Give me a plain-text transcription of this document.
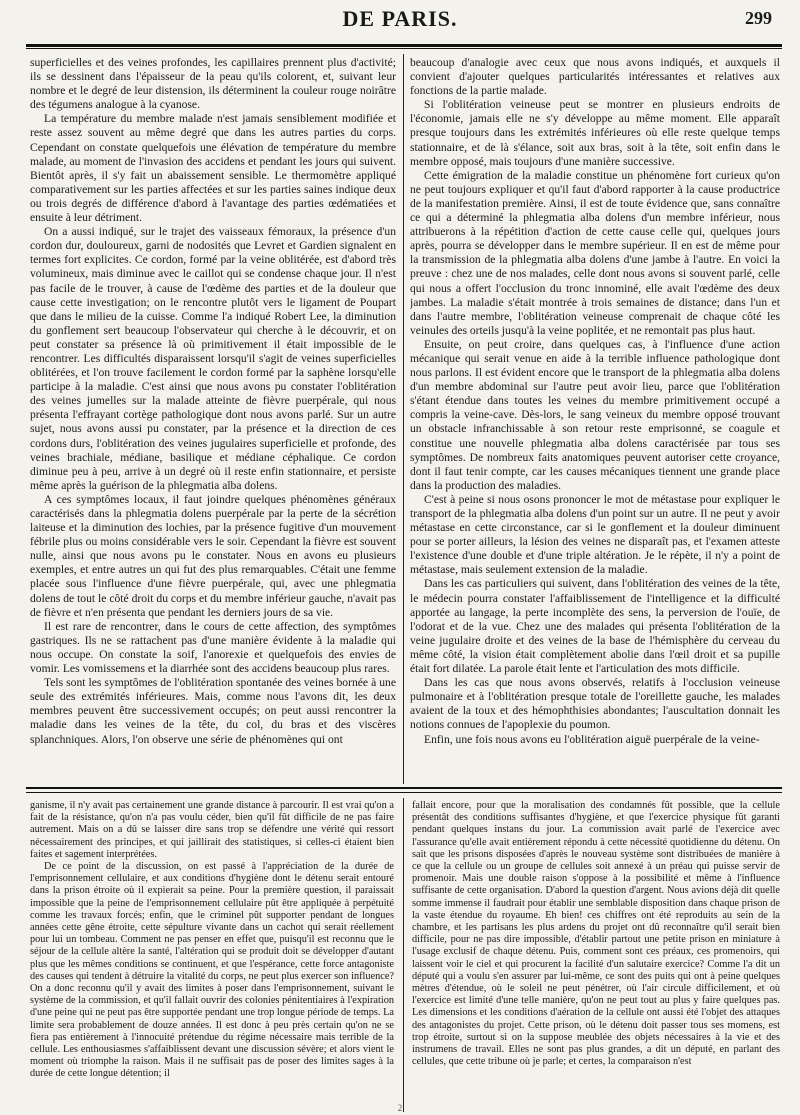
DE PARIS.	299

superficielles et des veines profondes, les capillaires prennent plus d'activité; ils se dessinent dans l'épaisseur de la peau qu'ils colorent, et, suivant leur nombre et le degré de leur distension, ils déterminent la couleur rouge noirâtre des tégumens analogue à la cyanose.

La température du membre malade n'est jamais sensiblement modifiée et reste assez souvent au même degré que dans les autres parties du corps. Cependant on constate quelquefois une élévation de température du membre malade, au moment de l'invasion des accidens et pendant les jours qui suivent. Bientôt après, il s'y fait un abaissement sensible. Le thermomètre appliqué comparativement sur les parties affectées et sur les parties saines indique deux ou trois degrés de différence d'abord à l'avantage des parties œdématiées et ensuite à leur détriment.

On a aussi indiqué, sur le trajet des vaisseaux fémoraux, la présence d'un cordon dur, douloureux, garni de nodosités que Levret et Gardien signalent en termes fort explicites. Ce cordon, formé par la veine oblitérée, est d'abord très volumineux, mais diminue avec le caillot qui se condense chaque jour. Il n'est pas facile de le trouver, à cause de l'œdème des parties et de la douleur que cause cette investigation; on le rencontre plutôt vers le ligament de Poupart que dans le milieu de la cuisse. Comme l'a indiqué Robert Lee, la diminution du gonflement sert beaucoup l'observateur qui cherche à le découvrir, et on peut constater sa présence là où primitivement il était impossible de le rencontrer. Les difficultés disparaissent lorsqu'il s'agit de veines superficielles oblitérées, et l'on trouve facilement le cordon formé par la saphène lorsqu'elle participe à la maladie. C'est ainsi que nous avons pu constater l'oblitération des veines jumelles sur la malade atteinte de fièvre puerpérale, qui nous présenta l'effrayant cortège pathologique dont nous avons parlé. Sur un autre sujet, nous avons aussi pu constater, par la présence et la direction de ces cordons durs, l'oblitération des veines jugulaires superficielle et profonde, des veines brachiale, médiane, basilique et médiane céphalique. Ce cordon diminue peu à peu, arrive à un degré où il reste enfin stationnaire, et persiste même après la guérison de la phlegmatia alba dolens.

A ces symptômes locaux, il faut joindre quelques phénomènes généraux caractérisés dans la phlegmatia dolens puerpérale par la perte de la sécrétion laiteuse et la diminution des lochies, par la présence fugitive d'un mouvement fébrile plus ou moins considérable vers le soir. Cependant la fièvre est souvent nulle, ainsi que nous avons pu le constater. Nous en avons eu plusieurs exemples, et entre autres un qui fut des plus remarquables. C'était une femme placée sous l'influence d'une fièvre puerpérale, qui, avec une phlegmatia dolens de tout le côté droit du corps et du membre inférieur gauche, n'avait pas de fièvre et n'en présenta que pendant les derniers jours de sa vie.

Il est rare de rencontrer, dans le cours de cette affection, des symptômes gastriques. Ils ne se rattachent pas d'une manière évidente à la maladie qui nous occupe. On constate la soif, l'anorexie et quelquefois des envies de vomir. Les vomissemens et la diarrhée sont des accidens beaucoup plus rares.

Tels sont les symptômes de l'oblitération spontanée des veines bornée à une seule des extrémités inférieures. Mais, comme nous l'avons dit, les deux membres peuvent être successivement occupés; on peut aussi rencontrer la maladie dans les veines de la tête, du col, du bras et des viscères splanchniques. Alors, l'on observe une série de phénomènes qui ont

beaucoup d'analogie avec ceux que nous avons indiqués, et auxquels il convient d'ajouter quelques particularités intéressantes et relatives aux fonctions de la partie malade.

Si l'oblitération veineuse peut se montrer en plusieurs endroits de l'économie, jamais elle ne s'y développe au même moment. Elle apparaît presque toujours dans les extrémités inférieures où elle reste quelque temps stationnaire, et de là s'élance, soit aux bras, soit à la tête, soit enfin dans le membre opposé, mais toujours d'une manière successive.

Cette émigration de la maladie constitue un phénomène fort curieux qu'on ne peut toujours expliquer et qu'il faut d'abord rapporter à la cause productrice de la manifestation première. Ainsi, il est de toute évidence que, sans connaître ce qui a déterminé la phlegmatia alba dolens d'un membre inférieur, nous attribuerons à la répétition d'action de cette cause celle qui, quelques jours après, pourra se développer dans le membre supérieur. Il en est de même pour la transmission de la phlegmatia alba dolens d'une jambe à l'autre. En voici la preuve : chez une de nos malades, celle dont nous avons si souvent parlé, celle qui nous a offert l'occlusion du tronc innominé, elle avait l'œdème des deux jambes. La maladie s'était montrée à trois semaines de distance; dans l'un et dans l'autre membre, l'oblitération veineuse comprenait de chaque côté les veinules des orteils jusqu'à la veine poplitée, et ne remontait pas plus haut.

Ensuite, on peut croire, dans quelques cas, à l'influence d'une action mécanique qui serait venue en aide à la terrible influence pathologique dont nous parlons. Il est évident encore que le transport de la phlegmatia alba dolens d'un membre abdominal sur l'autre peut avoir lieu, parce que l'oblitération s'étant étendue dans toutes les veines du membre primitivement occupé a compris la veine-cave. Dès-lors, le sang veineux du membre opposé trouvant un obstacle infranchissable à son retour reste emprisonné, se coagule et constitue une nouvelle phlegmatia alba dolens caractérisée par tous ses symptômes. De nombreux faits anatomiques peuvent autoriser cette croyance, dont il faut tenir compte, car les causes mécaniques tiennent une grande place dans la production des maladies.

C'est à peine si nous osons prononcer le mot de métastase pour expliquer le transport de la phlegmatia alba dolens d'un point sur un autre. Il ne peut y avoir métastase en cette circonstance, car si le gonflement et la douleur diminuent pour se porter ailleurs, la lésion des veines ne disparaît pas, et l'examen atteste l'existence d'une double et d'une triple altération. Je le répète, il n'y a point de métastase, mais seulement extension de la maladie.

Dans les cas particuliers qui suivent, dans l'oblitération des veines de la tête, le médecin pourra constater l'affaiblissement de l'intelligence et la difficulté apportée au langage, la perte incomplète des sens, la perversion de l'ouïe, de l'odorat et de la vue. Chez une des malades qui présenta l'oblitération de la veine jugulaire droite et des veines de la base de l'hémisphère du cerveau du même côté, la vision était complètement abolie dans l'œil droit et sa pupille était fort dilatée. La parole était lente et l'articulation des mots difficile.

Dans les cas que nous avons observés, relatifs à l'occlusion veineuse pulmonaire et à l'oblitération presque totale de l'oreillette gauche, les malades avaient de la toux et des hémophthisies abondantes; l'auscultation donnait les notions connues de l'apoplexie du poumon.

Enfin, une fois nous avons eu l'oblitération aiguë puerpérale de la veine-

ganisme, il n'y avait pas certainement une grande distance à parcourir. Il est vrai qu'on a fait de la résistance, qu'on n'a pas voulu céder, bien qu'il fût difficile de ne pas faire autrement. Mais on a dû se laisser dire sans trop se défendre une vérité qui ressort nécessairement des principes, et qui jaillirait des statistiques, si celles-ci étaient bien faites et sagement interprétées.

De ce point de la discussion, on est passé à l'appréciation de la durée de l'emprisonnement cellulaire, et aux conditions d'hygiène dont le détenu serait entouré dans la prison étroite où il expierait sa peine. Pour la première question, il paraissait impossible que la peine de l'emprisonnement cellulaire pût être appliquée à perpétuité comme les travaux forcés; enfin, que le criminel pût supporter pendant de longues années cette gêne étroite, cette sépulture vivante dans un cachot qui serait réellement pour lui un tombeau. Comment ne pas penser en effet que, puisqu'il est reconnu que le séjour de la cellule altère la santé, l'altération qui se produit doit se développer d'autant plus que les mêmes conditions se continuent, et que l'espérance, cette force antagoniste des causes qui tendent à détruire la vitalité du corps, ne peut plus exercer son influence? On a donc reconnu qu'il y avait des limites à poser dans l'emprisonnement, suivant le système de la commission, et qu'il fallait ouvrir des colonies pénitentiaires à l'expiration d'une peine qui ne peut pas être supportée pendant une trop longue période de temps. La limite sera probablement de douze années. Il est donc à peu près certain qu'on ne se fiera pas entièrement à l'innocuité prétendue du régime nécessaire mais terrible de la cellule. Les enthousiasmes s'affaiblissent devant une discussion sévère; et alors vient le moment où triomphe la raison. Mais il ne suffisait pas de poser des limites sages à la durée de cette longue détention; il

fallait encore, pour que la moralisation des condamnés fût possible, que la cellule présentât des conditions suffisantes d'hygiène, et que l'exercice physique fût garanti pendant quelques instans du jour. La commission avait parlé de l'exercice avec l'assurance qu'elle avait entièrement répondu à cette nécessité quotidienne du détenu. On sait que les prisons disposées d'après le nouveau système sont distribuées de manière à ce que la cellule ou un groupe de cellules soit annexé à un préau qui puisse servir de promenoir. Mais une double raison s'oppose à la possibilité et même à l'influence suffisante de cette organisation. D'abord la question d'argent. Nous avions déjà dit quelle somme immense il faudrait pour établir une semblable disposition dans chaque prison de la vaste étendue du royaume. Eh bien! ces chiffres ont été reproduits au sein de la chambre, et les partisans les plus ardens du projet ont dû reconnaître qu'il serait bien difficile, pour ne pas dire impossible, d'établir partout une petite prison en miniature à l'usage exclusif de chaque détenu. Puis, comment sont ces préaux, ces promenoirs, qui laissent voir le ciel et qui procurent la facilité d'un salutaire exercice? Comme l'a dit un député qui a voulu s'en assurer par lui-même, ce sont des puits qui ont à peine quelques mètres d'étendue, où le soleil ne peut pénétrer, où l'air circule difficilement, et où l'exercice est limité d'une telle manière, qu'on ne peut tout au plus y faire quelques pas. Les dimensions et les conditions d'aération de la cellule ont aussi été l'objet des attaques des antagonistes du projet. Cette prison, où le détenu doit passer tous ses momens, est trop étroite, surtout si on la suppose meublée des objets nécessaires à la vie et des instrumens de travail. Elles ne sont pas plus grandes, a dit un député, en parlant des cellules, que cette tribune où je parle; et certes, la comparaison n'est

2
